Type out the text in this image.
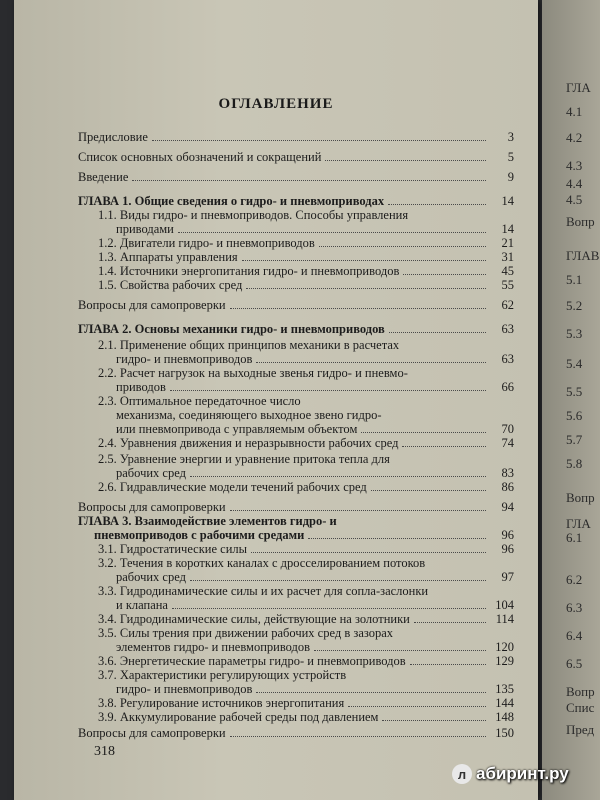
ОГЛАВЛЕНИЕ
Предисловие	3
Список основных обозначений и сокращений	5
Введение	9
ГЛАВА 1. Общие сведения о гидро- и пневмоприводах	14
1.1. Виды гидро- и пневмоприводов. Способы управления
приводами	14
1.2. Двигатели гидро- и пневмоприводов	21
1.3. Аппараты управления	31
1.4. Источники энергопитания гидро- и пневмоприводов	45
1.5. Свойства рабочих сред	55
Вопросы для самопроверки	62
ГЛАВА 2. Основы механики гидро- и пневмоприводов	63
2.1. Применение общих принципов механики в расчетах
гидро- и пневмоприводов	63
2.2. Расчет нагрузок на выходные звенья гидро- и пневмо-
приводов	66
2.3. Оптимальное передаточное число
механизма, соединяющего выходное звено гидро-
или пневмопривода с управляемым объектом	70
2.4. Уравнения движения и неразрывности рабочих сред	74
2.5. Уравнение энергии и уравнение притока тепла для
рабочих сред	83
2.6. Гидравлические модели течений рабочих сред	86
Вопросы для самопроверки	94
ГЛАВА 3. Взаимодействие элементов гидро- и
пневмоприводов с рабочими средами	96
3.1. Гидростатические силы	96
3.2. Течения в коротких каналах с дросселированием потоков
рабочих сред	97
3.3. Гидродинамические силы и их расчет для сопла-заслонки
и клапана	104
3.4. Гидродинамические силы, действующие на золотники	114
3.5. Силы трения при движении рабочих сред в зазорах
элементов гидро- и пневмоприводов	120
3.6. Энергетические параметры гидро- и пневмоприводов	129
3.7. Характеристики регулирующих устройств
гидро- и пневмоприводов	135
3.8. Регулирование источников энергопитания	144
3.9. Аккумулирование рабочей среды под давлением	148
Вопросы для самопроверки	150
318
ГЛА
4.1
4.2
4.3
4.4
4.5
Вопр
ГЛАВ
5.1
5.2
5.3
5.4
5.5
5.6
5.7
5.8
Вопр
ГЛА
6.1
6.2
6.3
6.4
6.5
Вопр
Спис
Пред
л абиринт.ру
